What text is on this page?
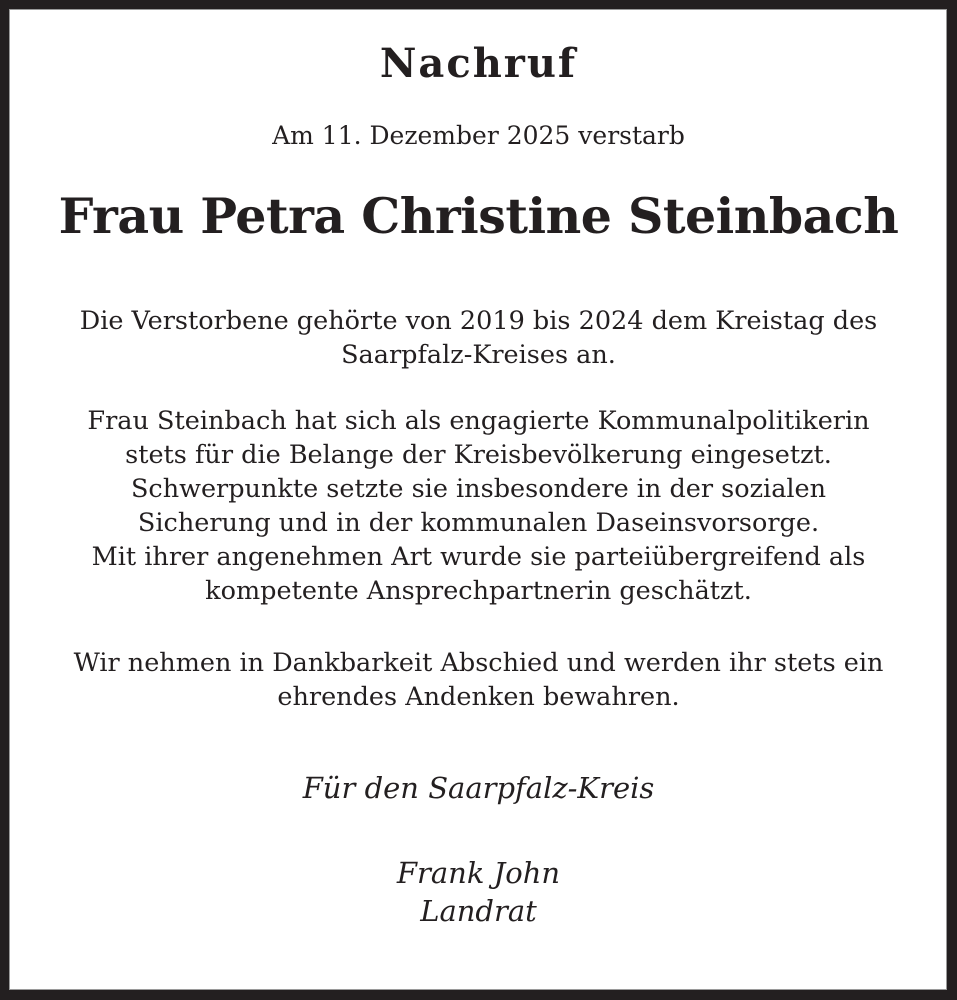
Nachruf

Am 11. Dezember 2025 verstarb

Frau Petra Christine Steinbach

Die Verstorbene gehörte von 2019 bis 2024 dem Kreistag des
Saarpfalz-Kreises an.

Frau Steinbach hat sich als engagierte Kommunalpolitikerin
stets für die Belange der Kreisbevölkerung eingesetzt.
Schwerpunkte setzte sie insbesondere in der sozialen
Sicherung und in der kommunalen Daseinsvorsorge.
Mit ihrer angenehmen Art wurde sie parteiübergreifend als
kompetente Ansprechpartnerin geschätzt.

Wir nehmen in Dankbarkeit Abschied und werden ihr stets ein
ehrendes Andenken bewahren.

Für den Saarpfalz-Kreis

Frank John

Landrat
